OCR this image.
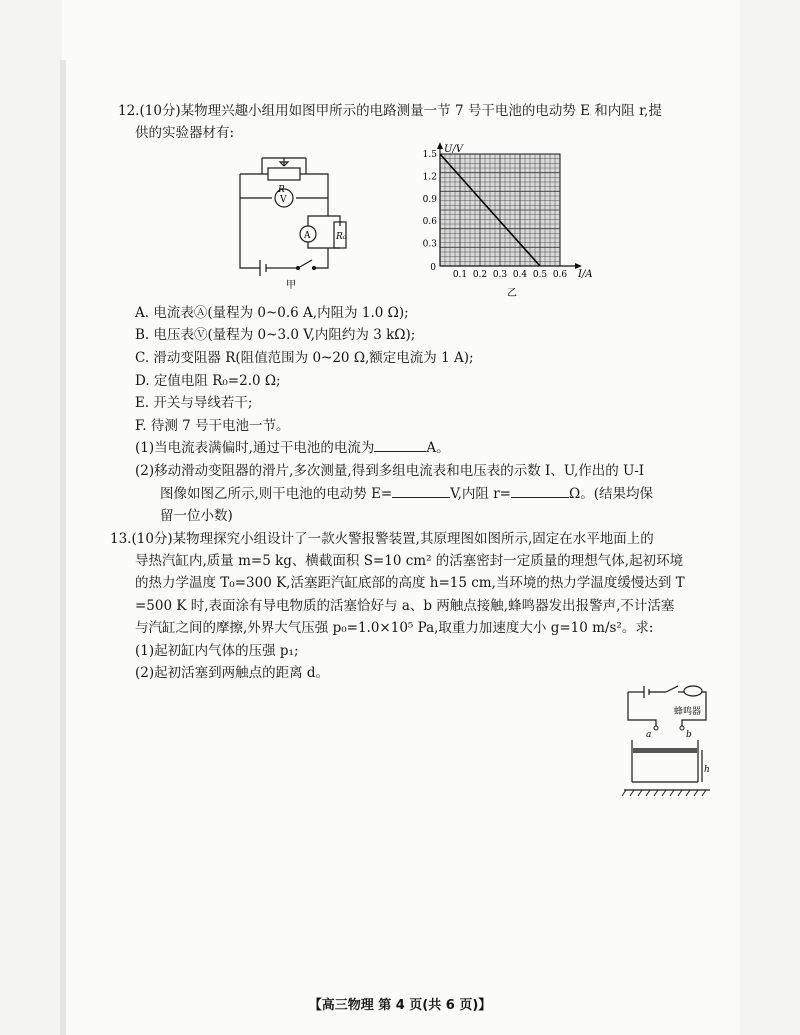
12.(10分)某物理兴趣小组用如图甲所示的电路测量一节 7 号干电池的电动势 E 和内阻 r,提
供的实验器材有:
R
V
A	R₀
甲
0.1 0.2 0.3 0.4 0.5 0.6
1.5
1.2
0.9
0.6
0.3
0
I/A
U/V
乙
A. 电流表Ⓐ(量程为 0~0.6 A,内阻为 1.0 Ω);
B. 电压表Ⓥ(量程为 0~3.0 V,内阻约为 3 kΩ);
C. 滑动变阻器 R(阻值范围为 0~20 Ω,额定电流为 1 A);
D. 定值电阻 R₀=2.0 Ω;
E. 开关与导线若干;
F. 待测 7 号干电池一节。
(1)当电流表满偏时,通过干电池的电流为	A。
(2)移动滑动变阻器的滑片,多次测量,得到多组电流表和电压表的示数 I、U,作出的 U-I
图像如图乙所示,则干电池的电动势 E=	V,内阻 r=	Ω。(结果均保
留一位小数)
13.(10分)某物理探究小组设计了一款火警报警装置,其原理图如图所示,固定在水平地面上的
导热汽缸内,质量 m=5 kg、横截面积 S=10 cm² 的活塞密封一定质量的理想气体,起初环境
的热力学温度 T₀=300 K,活塞距汽缸底部的高度 h=15 cm,当环境的热力学温度缓慢达到 T
=500 K 时,表面涂有导电物质的活塞恰好与 a、b 两触点接触,蜂鸣器发出报警声,不计活塞
与汽缸之间的摩擦,外界大气压强 p₀=1.0×10⁵ Pa,取重力加速度大小 g=10 m/s²。求:
(1)起初缸内气体的压强 p₁;
(2)起初活塞到两触点的距离 d。
蜂鸣器
a	b
h
【高三物理 第 4 页(共 6 页)】
